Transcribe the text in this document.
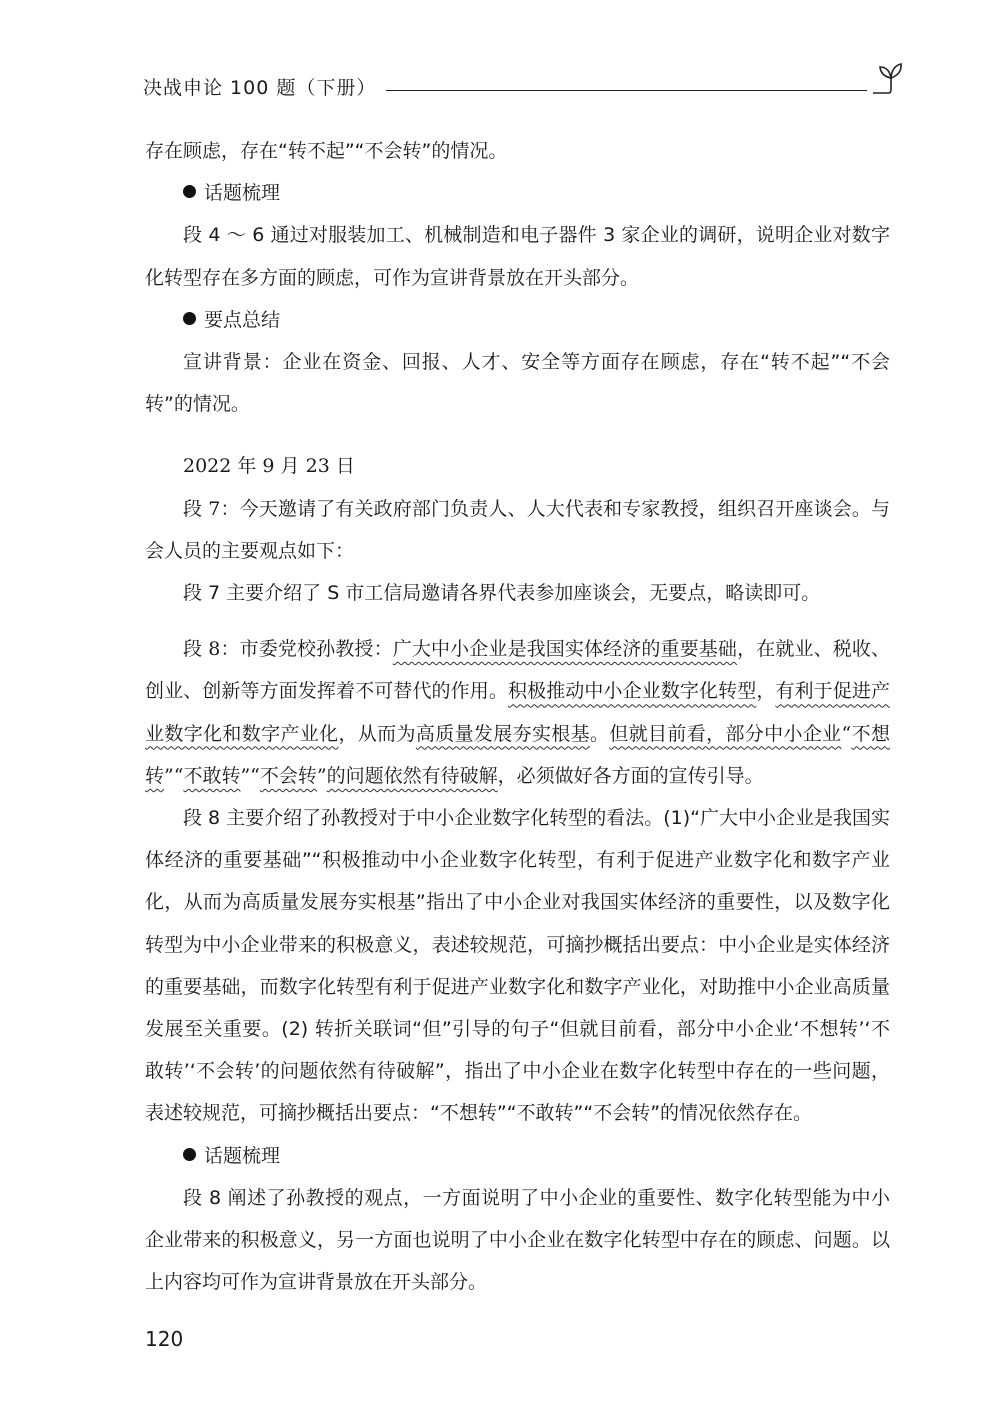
决战申论 100 题（下册）

存在顾虑，存在“转不起”“不会转”的情况。

话题梳理

段 4 ～ 6 通过对服装加工、机械制造和电子器件 3 家企业的调研，说明企业对数字化转型存在多方面的顾虑，可作为宣讲背景放在开头部分。

要点总结

宣讲背景：企业在资金、回报、人才、安全等方面存在顾虑，存在“转不起”“不会转”的情况。

2022 年 9 月 23 日

段 7：今天邀请了有关政府部门负责人、人大代表和专家教授，组织召开座谈会。与会人员的主要观点如下：

段 7 主要介绍了 S 市工信局邀请各界代表参加座谈会，无要点，略读即可。

段 8：市委党校孙教授：广大中小企业是我国实体经济的重要基础，在就业、税收、创业、创新等方面发挥着不可替代的作用。积极推动中小企业数字化转型，有利于促进产业数字化和数字产业化，从而为高质量发展夯实根基。但就目前看，部分中小企业“不想转”“不敢转”“不会转”的问题依然有待破解，必须做好各方面的宣传引导。

段 8 主要介绍了孙教授对于中小企业数字化转型的看法。(1)“广大中小企业是我国实体经济的重要基础”“积极推动中小企业数字化转型，有利于促进产业数字化和数字产业化，从而为高质量发展夯实根基”指出了中小企业对我国实体经济的重要性，以及数字化转型为中小企业带来的积极意义，表述较规范，可摘抄概括出要点：中小企业是实体经济的重要基础，而数字化转型有利于促进产业数字化和数字产业化，对助推中小企业高质量发展至关重要。(2) 转折关联词“但”引导的句子“但就目前看，部分中小企业‘不想转’‘不敢转’‘不会转’的问题依然有待破解”，指出了中小企业在数字化转型中存在的一些问题，表述较规范，可摘抄概括出要点：“不想转”“不敢转”“不会转”的情况依然存在。

话题梳理

段 8 阐述了孙教授的观点，一方面说明了中小企业的重要性、数字化转型能为中小企业带来的积极意义，另一方面也说明了中小企业在数字化转型中存在的顾虑、问题。以上内容均可作为宣讲背景放在开头部分。

120
